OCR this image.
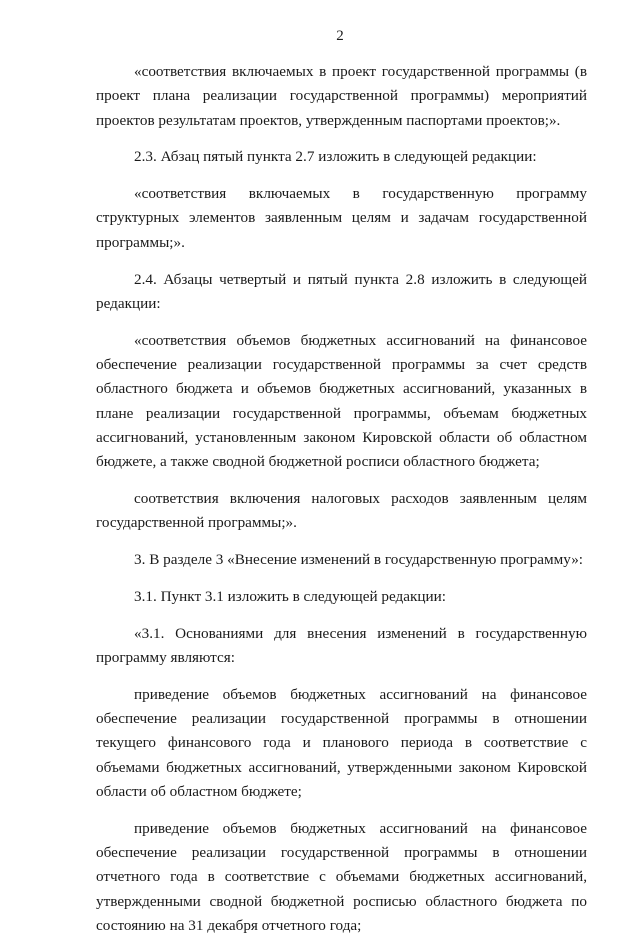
2

«соответствия включаемых в проект государственной программы (в проект плана реализации государственной программы) мероприятий проектов результатам проектов, утвержденным паспортами проектов;».

2.3. Абзац пятый пункта 2.7 изложить в следующей редакции:

«соответствия включаемых в государственную программу структурных элементов заявленным целям и задачам государственной программы;».

2.4. Абзацы четвертый и пятый пункта 2.8 изложить в следующей редакции:

«соответствия объемов бюджетных ассигнований на финансовое обеспечение реализации государственной программы за счет средств областного бюджета и объемов бюджетных ассигнований, указанных в плане реализации государственной программы, объемам бюджетных ассигнований, установленным законом Кировской области об областном бюджете, а также сводной бюджетной росписи областного бюджета;

соответствия включения налоговых расходов заявленным целям государственной программы;».

3. В разделе 3 «Внесение изменений в государственную программу»:

3.1. Пункт 3.1 изложить в следующей редакции:

«3.1. Основаниями для внесения изменений в государственную программу являются:

приведение объемов бюджетных ассигнований на финансовое обеспечение реализации государственной программы в отношении текущего финансового года и планового периода в соответствие с объемами бюджетных ассигнований, утвержденными законом Кировской области об областном бюджете;

приведение объемов бюджетных ассигнований на финансовое обеспечение реализации государственной программы в отношении отчетного года в соответствие с объемами бюджетных ассигнований, утвержденными сводной бюджетной росписью областного бюджета по состоянию на 31 декабря отчетного года;
